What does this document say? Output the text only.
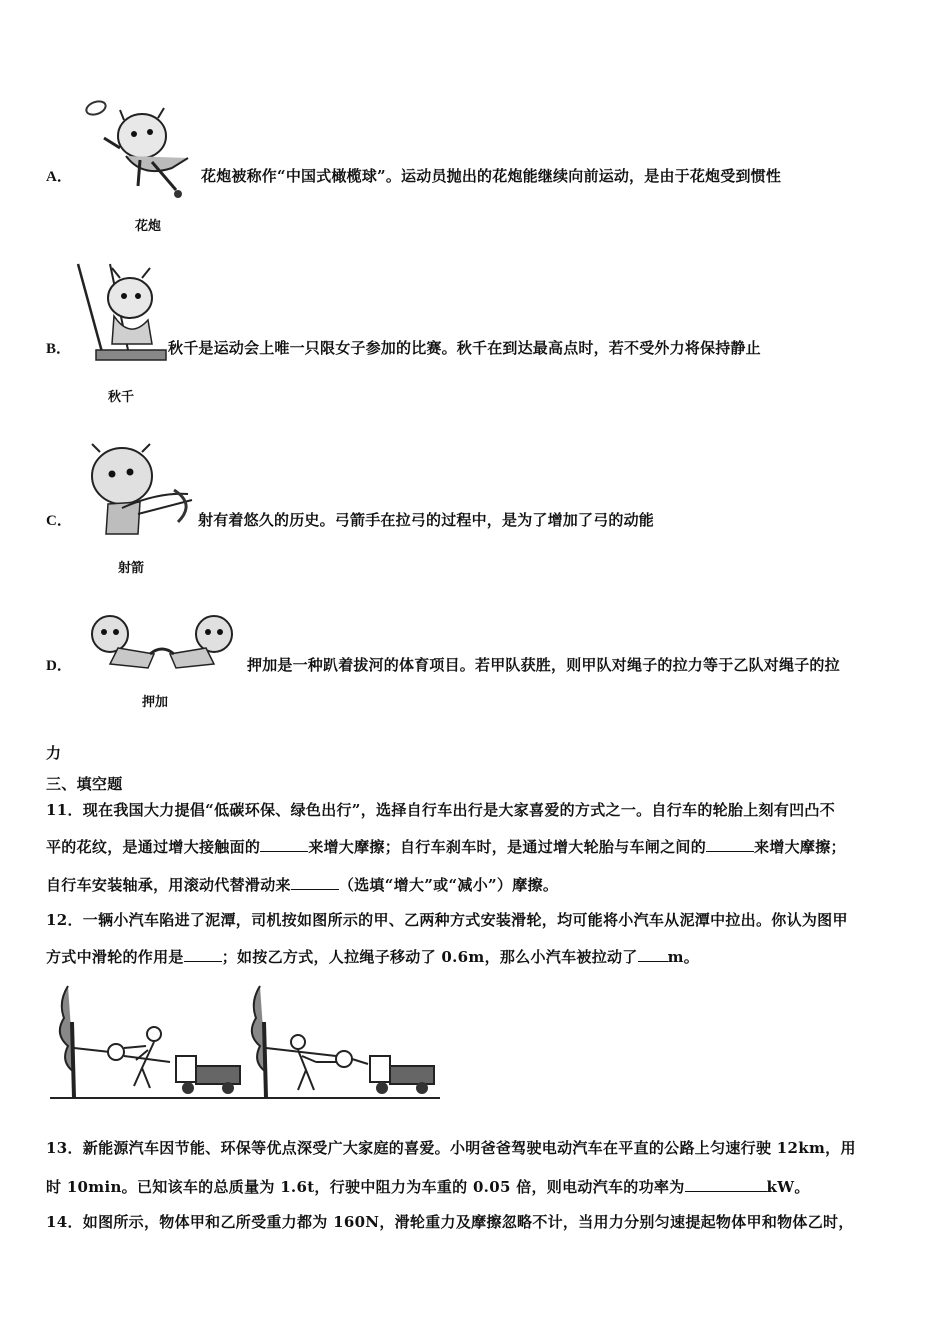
A．	花炮被称作“中国式橄榄球”。运动员抛出的花炮能继续向前运动，是由于花炮受到惯性
花炮
B．	秋千是运动会上唯一只限女子参加的比赛。秋千在到达最高点时，若不受外力将保持静止
秋千
C．	射有着悠久的历史。弓箭手在拉弓的过程中，是为了增加了弓的动能
射箭
D．	押加是一种趴着拔河的体育项目。若甲队获胜，则甲队对绳子的拉力等于乙队对绳子的拉
押加
力
三、填空题
11．现在我国大力提倡“低碳环保、绿色出行”，选择自行车出行是大家喜爱的方式之一。自行车的轮胎上刻有凹凸不
平的花纹，是通过增大接触面的	来增大摩擦；自行车刹车时，是通过增大轮胎与车闸之间的	来增大摩擦；
自行车安装轴承，用滚动代替滑动来	（选填“增大”或“减小”）摩擦。
12．一辆小汽车陷进了泥潭，司机按如图所示的甲、乙两种方式安装滑轮，均可能将小汽车从泥潭中拉出。你认为图甲
方式中滑轮的作用是	；如按乙方式，人拉绳子移动了 0.6m，那么小汽车被拉动了 m。
13．新能源汽车因节能、环保等优点深受广大家庭的喜爱。小明爸爸驾驶电动汽车在平直的公路上匀速行驶 12km，用
时 10min。已知该车的总质量为 1.6t，行驶中阻力为车重的 0.05 倍，则电动汽车的功率为	kW。
14．如图所示，物体甲和乙所受重力都为 160N，滑轮重力及摩擦忽略不计，当用力分别匀速提起物体甲和物体乙时，
